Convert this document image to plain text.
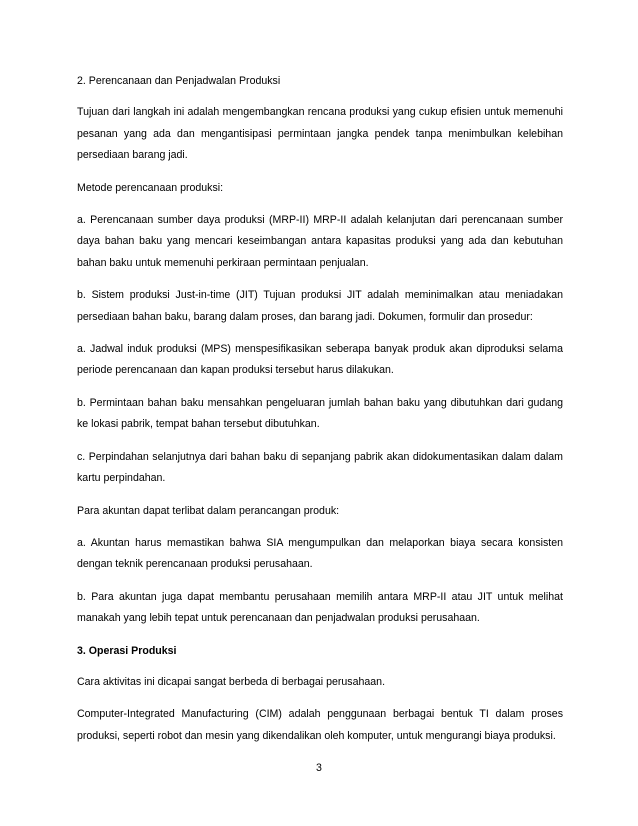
2. Perencanaan dan Penjadwalan Produksi

Tujuan dari langkah ini adalah mengembangkan rencana produksi yang cukup efisien untuk memenuhi pesanan yang ada dan mengantisipasi permintaan jangka pendek tanpa menimbulkan kelebihan persediaan barang jadi.

Metode perencanaan produksi:

a. Perencanaan sumber daya produksi (MRP-II) MRP-II adalah kelanjutan dari perencanaan sumber daya bahan baku yang mencari keseimbangan antara kapasitas produksi yang ada dan kebutuhan bahan baku untuk memenuhi perkiraan permintaan penjualan.

b. Sistem produksi Just-in-time (JIT) Tujuan produksi JIT adalah meminimalkan atau meniadakan persediaan bahan baku, barang dalam proses, dan barang jadi. Dokumen, formulir dan prosedur:

a. Jadwal induk produksi (MPS) menspesifikasikan seberapa banyak produk akan diproduksi selama periode perencanaan dan kapan produksi tersebut harus dilakukan.

b. Permintaan bahan baku mensahkan pengeluaran jumlah bahan baku yang dibutuhkan dari gudang ke lokasi pabrik, tempat bahan tersebut dibutuhkan.

c. Perpindahan selanjutnya dari bahan baku di sepanjang pabrik akan didokumentasikan dalam dalam kartu perpindahan.

Para akuntan dapat terlibat dalam perancangan produk:

a. Akuntan harus memastikan bahwa SIA mengumpulkan dan melaporkan biaya secara konsisten dengan teknik perencanaan produksi perusahaan.

b. Para akuntan juga dapat membantu perusahaan memilih antara MRP-II atau JIT untuk melihat manakah yang lebih tepat untuk perencanaan dan penjadwalan produksi perusahaan.

3. Operasi Produksi

Cara aktivitas ini dicapai sangat berbeda di berbagai perusahaan.

Computer-Integrated Manufacturing (CIM) adalah penggunaan berbagai bentuk TI dalam proses produksi, seperti robot dan mesin yang dikendalikan oleh komputer, untuk mengurangi biaya produksi.

3
